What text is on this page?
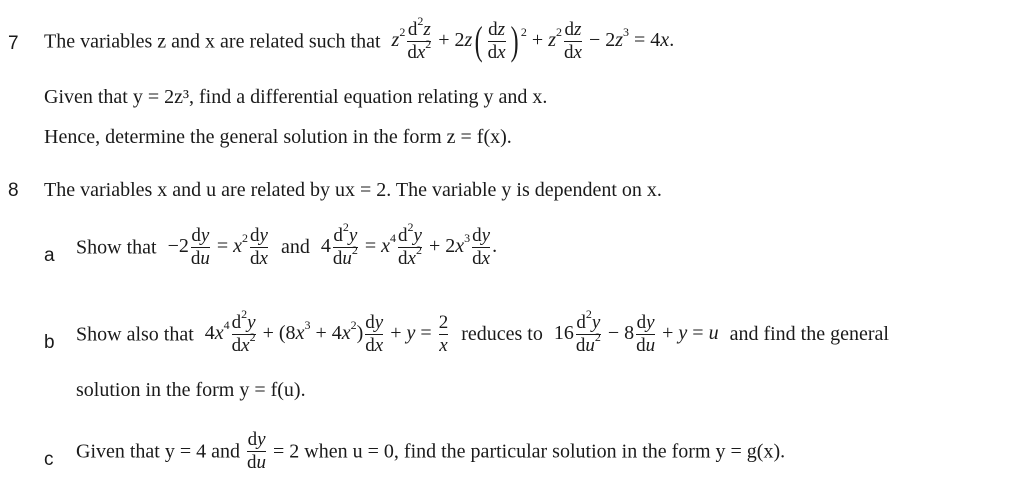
7 The variables z and x are related such that $z^2 \frac{d^2z}{dx^2} + 2z( \frac{dz}{dx}$ ) $^2 + z^2 \frac{dz}{dx} - 2z^3 = 4x$.
Given that y = 2z³, find a differential equation relating y and x.
Hence, determine the general solution in the form z = f(x).
8 The variables x and u are related by ux = 2. The variable y is dependent on x.
a Show that $-2 \frac{dy}{du} = x^2 \frac{dy}{dx}$ and $4 \frac{d^2y}{du^2} = x^4 \frac{d^2y}{dx^2} + 2x^3 \frac{dy}{dx}$ .
b Show also that $4x^4 \frac{d^2y}{dx^2} + (8x^3 + 4x^2) \frac{dy}{dx} + y = \frac{2}{x}$ reduces to $16 \frac{d^2y}{du^2} - 8 \frac{dy}{du} + y = u$ and find the general
solution in the form y = f(u).
c Given that y = 4 and $\frac{dy}{du} = 2$ when u = 0, find the particular solution in the form y = g(x).
